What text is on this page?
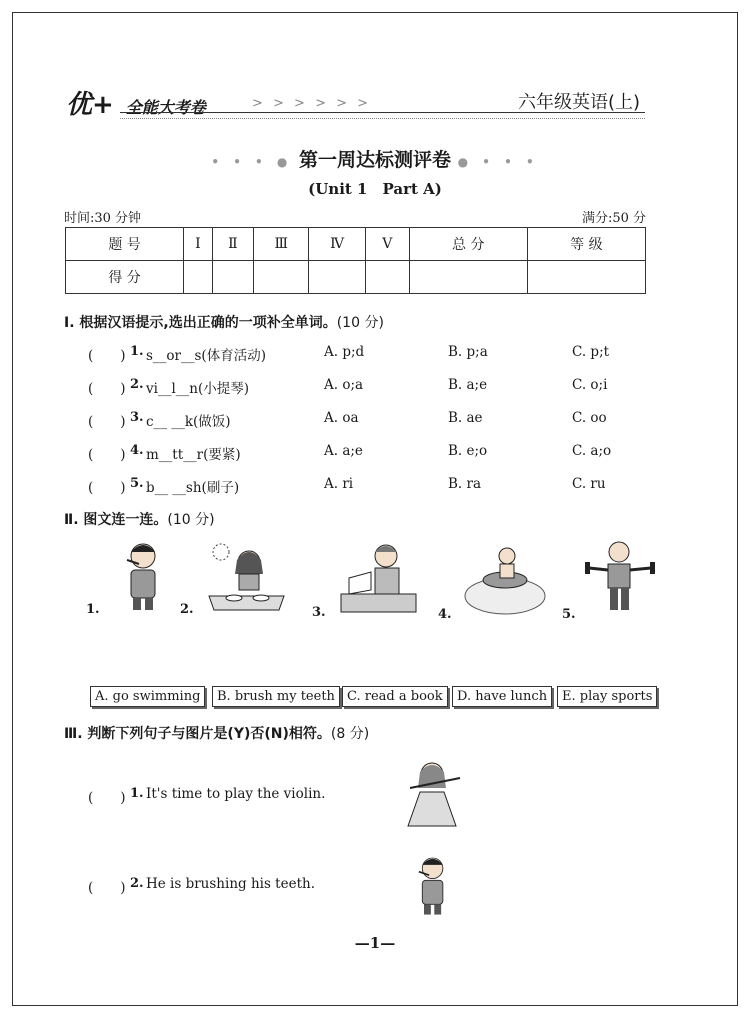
优+ 全能大考卷	> > > > > >	六年级英语(上)
• • • ● 第一周达标测评卷 ● • • •
(Unit 1　Part A)
时间:30 分钟	满分:50 分
题 号	Ⅰ	Ⅱ	Ⅲ	Ⅳ	Ⅴ	总 分	等 级
得 分							
Ⅰ. 根据汉语提示,选出正确的一项补全单词。(10 分)
(　　) 1. s__or__s(体育活动)	A. p;d	B. p;a	C. p;t
(　　) 2. vi__l__n(小提琴)	A. o;a	B. a;e	C. o;i
(　　) 3. c__ __k(做饭)	A. oa	B. ae	C. oo
(　　) 4. m__tt__r(要紧)	A. a;e	B. e;o	C. a;o
(　　) 5. b__ __sh(刷子)	A. ri	B. ra	C. ru
Ⅱ. 图文连一连。(10 分)
1.	2.	3.	4.	5.
A. go swimming	B. brush my teeth C. read a book	D. have lunch	E. play sports
Ⅲ. 判断下列句子与图片是(Y)否(N)相符。(8 分)
(　　) 1. It's time to play the violin.
(　　) 2. He is brushing his teeth.
—1—
